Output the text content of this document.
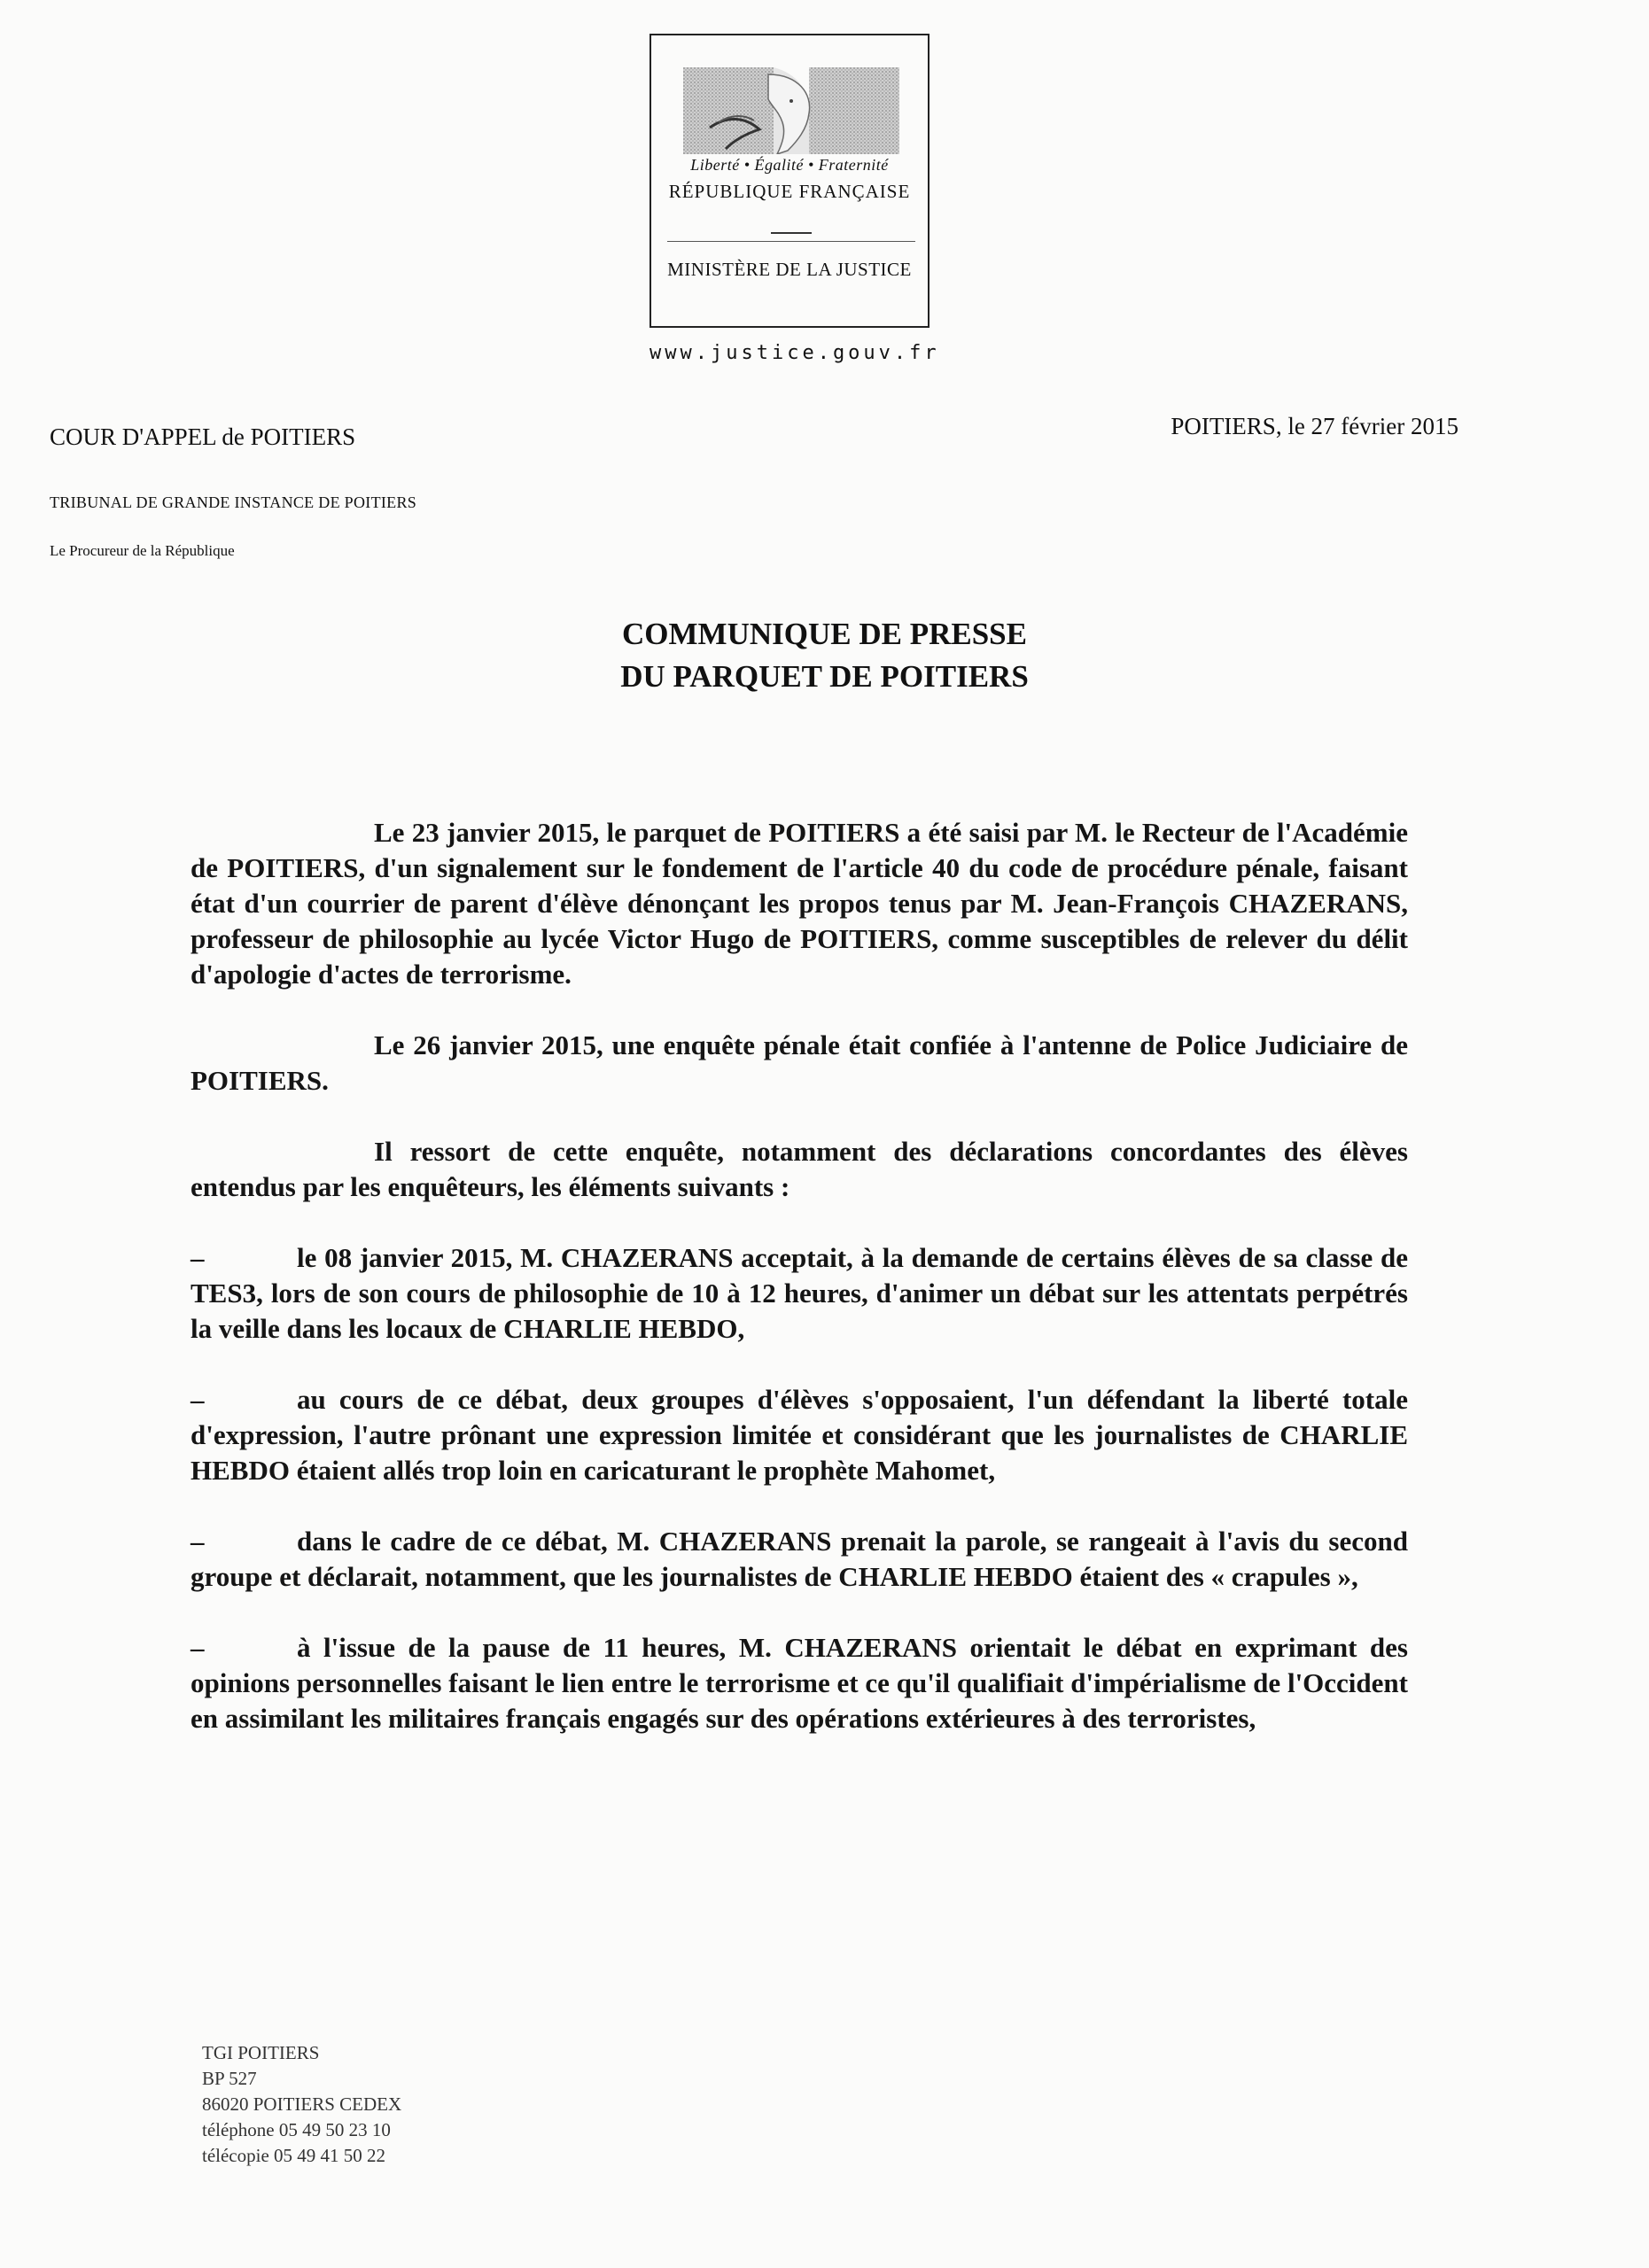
Liberté • Égalité • Fraternité
RÉPUBLIQUE FRANÇAISE
MINISTÈRE DE LA JUSTICE
www.justice.gouv.fr
COUR D'APPEL de POITIERS	POITIERS, le 27 février 2015
TRIBUNAL DE GRANDE INSTANCE DE POITIERS
Le Procureur de la République
COMMUNIQUE DE PRESSE
DU PARQUET DE POITIERS

Le 23 janvier 2015, le parquet de POITIERS a été saisi par M. le Recteur de l'Académie de POITIERS, d'un signalement sur le fondement de l'article 40 du code de procédure pénale, faisant état d'un courrier de parent d'élève dénonçant les propos tenus par M. Jean-François CHAZERANS, professeur de philosophie au lycée Victor Hugo de POITIERS, comme susceptibles de relever du délit d'apologie d'actes de terrorisme.

Le 26 janvier 2015, une enquête pénale était confiée à l'antenne de Police Judiciaire de POITIERS.

Il ressort de cette enquête, notamment des déclarations concordantes des élèves entendus par les enquêteurs, les éléments suivants :

–	le 08 janvier 2015, M. CHAZERANS acceptait, à la demande de certains élèves de sa classe de TES3, lors de son cours de philosophie de 10 à 12 heures, d'animer un débat sur les attentats perpétrés la veille dans les locaux de CHARLIE HEBDO,

–	au cours de ce débat, deux groupes d'élèves s'opposaient, l'un défendant la liberté totale d'expression, l'autre prônant une expression limitée et considérant que les journalistes de CHARLIE HEBDO étaient allés trop loin en caricaturant le prophète Mahomet,

–	dans le cadre de ce débat, M. CHAZERANS prenait la parole, se rangeait à l'avis du second groupe et déclarait, notamment, que les journalistes de CHARLIE HEBDO étaient des « crapules »,

–	à l'issue de la pause de 11 heures, M. CHAZERANS orientait le débat en exprimant des opinions personnelles faisant le lien entre le terrorisme et ce qu'il qualifiait d'impérialisme de l'Occident en assimilant les militaires français engagés sur des opérations extérieures à des terroristes,

TGI POITIERS
BP 527
86020 POITIERS CEDEX
téléphone 05 49 50 23 10
télécopie 05 49 41 50 22
